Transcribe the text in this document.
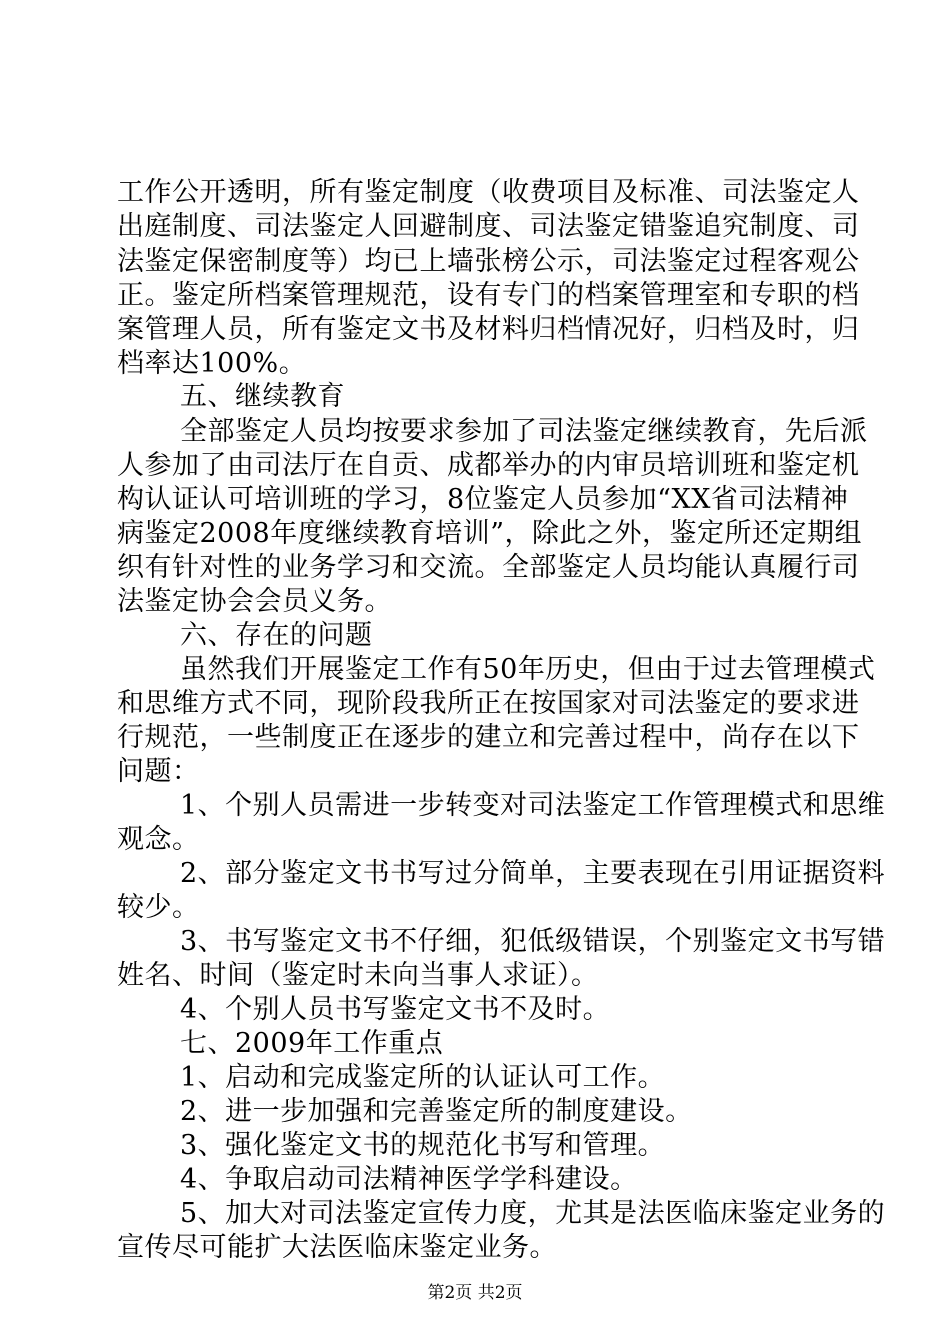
工作公开透明，所有鉴定制度（收费项目及标准、司法鉴定人

出庭制度、司法鉴定人回避制度、司法鉴定错鉴追究制度、司

法鉴定保密制度等）均已上墙张榜公示，司法鉴定过程客观公

正。鉴定所档案管理规范，设有专门的档案管理室和专职的档

案管理人员，所有鉴定文书及材料归档情况好，归档及时，归

档率达100%。

五、继续教育

全部鉴定人员均按要求参加了司法鉴定继续教育，先后派

人参加了由司法厅在自贡、成都举办的内审员培训班和鉴定机

构认证认可培训班的学习，8位鉴定人员参加“XX省司法精神

病鉴定2008年度继续教育培训”，除此之外，鉴定所还定期组

织有针对性的业务学习和交流。全部鉴定人员均能认真履行司

法鉴定协会会员义务。

六、存在的问题

虽然我们开展鉴定工作有50年历史，但由于过去管理模式

和思维方式不同，现阶段我所正在按国家对司法鉴定的要求进

行规范，一些制度正在逐步的建立和完善过程中，尚存在以下

问题：

1、个别人员需进一步转变对司法鉴定工作管理模式和思维

观念。

2、部分鉴定文书书写过分简单，主要表现在引用证据资料

较少。

3、书写鉴定文书不仔细，犯低级错误，个别鉴定文书写错

姓名、时间（鉴定时未向当事人求证）。

4、个别人员书写鉴定文书不及时。

七、2009年工作重点

1、启动和完成鉴定所的认证认可工作。

2、进一步加强和完善鉴定所的制度建设。

3、强化鉴定文书的规范化书写和管理。

4、争取启动司法精神医学学科建设。

5、加大对司法鉴定宣传力度，尤其是法医临床鉴定业务的

宣传尽可能扩大法医临床鉴定业务。

第2页 共2页
